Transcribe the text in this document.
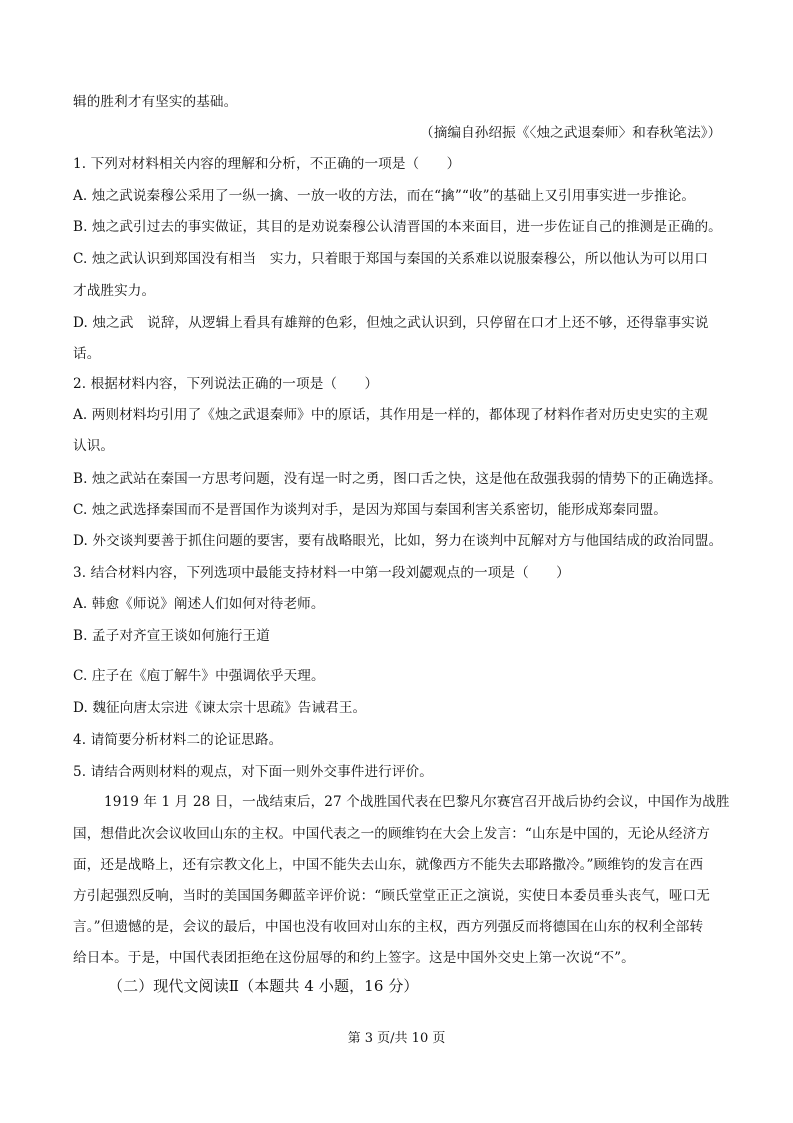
辑的胜利才有坚实的基础。
（摘编自孙绍振《〈烛之武退秦师〉和春秋笔法》）
1. 下列对材料相关内容的理解和分析，不正确的一项是（　　）
A. 烛之武说秦穆公采用了一纵一擒、一放一收的方法，而在“擒”“收”的基础上又引用事实进一步推论。
B. 烛之武引过去的事实做证，其目的是劝说秦穆公认清晋国的本来面目，进一步佐证自己的推测是正确的。
C. 烛之武认识到郑国没有相当　实力，只着眼于郑国与秦国的关系难以说服秦穆公，所以他认为可以用口
才战胜实力。
D. 烛之武　说辞，从逻辑上看具有雄辩的色彩，但烛之武认识到，只停留在口才上还不够，还得靠事实说
话。
2. 根据材料内容，下列说法正确的一项是（　　）
A. 两则材料均引用了《烛之武退秦师》中的原话，其作用是一样的，都体现了材料作者对历史史实的主观
认识。
B. 烛之武站在秦国一方思考问题，没有逞一时之勇，图口舌之快，这是他在敌强我弱的情势下的正确选择。
C. 烛之武选择秦国而不是晋国作为谈判对手，是因为郑国与秦国利害关系密切，能形成郑秦同盟。
D. 外交谈判要善于抓住问题的要害，要有战略眼光，比如，努力在谈判中瓦解对方与他国结成的政治同盟。
3. 结合材料内容，下列选项中最能支持材料一中第一段刘勰观点的一项是（　　）
A. 韩愈《师说》阐述人们如何对待老师。
B. 孟子对齐宣王谈如何施行王道
C. 庄子在《庖丁解牛》中强调依乎天理。
D. 魏征向唐太宗进《谏太宗十思疏》告诫君王。
4. 请简要分析材料二的论证思路。
5. 请结合两则材料的观点，对下面一则外交事件进行评价。
1919 年 1 月 28 日，一战结束后，27 个战胜国代表在巴黎凡尔赛宫召开战后协约会议，中国作为战胜
国，想借此次会议收回山东的主权。中国代表之一的顾维钧在大会上发言：“山东是中国的，无论从经济方
面，还是战略上，还有宗教文化上，中国不能失去山东，就像西方不能失去耶路撒冷。”顾维钧的发言在西
方引起强烈反响，当时的美国国务卿蓝辛评价说：“顾氏堂堂正正之演说，实使日本委员垂头丧气，哑口无
言。”但遗憾的是，会议的最后，中国也没有收回对山东的主权，西方列强反而将德国在山东的权利全部转
给日本。于是，中国代表团拒绝在这份屈辱的和约上签字。这是中国外交史上第一次说“不”。
（二）现代文阅读Ⅱ（本题共 4 小题，16 分）
第 3 页/共 10 页
